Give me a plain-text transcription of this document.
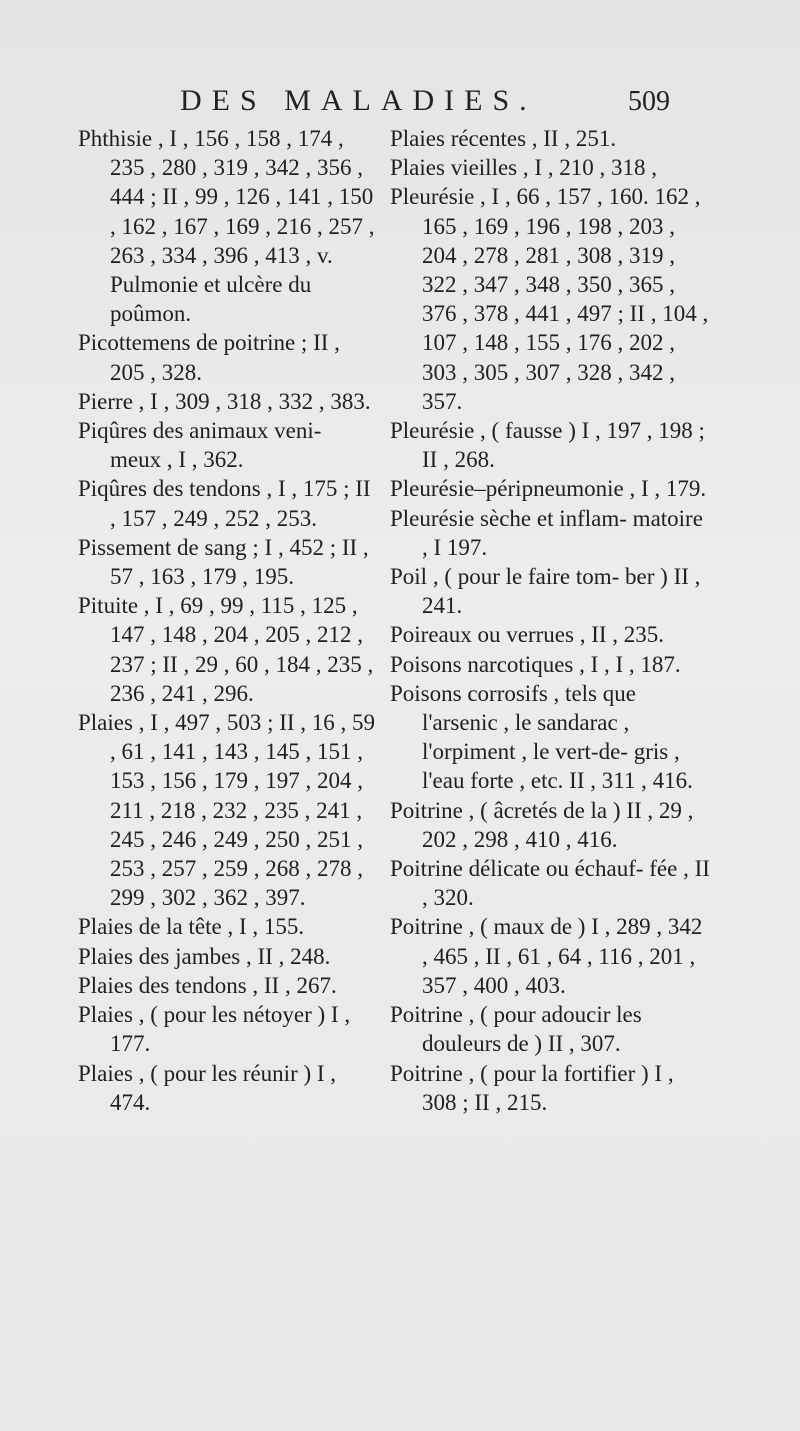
DES MALADIES.	509

Phthisie , I , 156 , 158 , 174 , 235 , 280 , 319 , 342 , 356 , 444 ; II , 99 , 126 , 141 , 150 , 162 , 167 , 169 , 216 , 257 , 263 , 334 , 396 , 413 , v. Pulmonie et ulcère du poûmon.

Picottemens de poitrine ; II , 205 , 328.

Pierre , I , 309 , 318 , 332 , 383.

Piqûres des animaux veni- meux , I , 362.

Piqûres des tendons , I , 175 ; II , 157 , 249 , 252 , 253.

Pissement de sang ; I , 452 ; II , 57 , 163 , 179 , 195.

Pituite , I , 69 , 99 , 115 , 125 , 147 , 148 , 204 , 205 , 212 , 237 ; II , 29 , 60 , 184 , 235 , 236 , 241 , 296.

Plaies , I , 497 , 503 ; II , 16 , 59 , 61 , 141 , 143 , 145 , 151 , 153 , 156 , 179 , 197 , 204 , 211 , 218 , 232 , 235 , 241 , 245 , 246 , 249 , 250 , 251 , 253 , 257 , 259 , 268 , 278 , 299 , 302 , 362 , 397.

Plaies de la tête , I , 155.

Plaies des jambes , II , 248.

Plaies des tendons , II , 267.

Plaies , ( pour les nétoyer ) I , 177.

Plaies , ( pour les réunir ) I , 474.

Plaies récentes , II , 251.

Plaies vieilles , I , 210 , 318 ,

Pleurésie , I , 66 , 157 , 160. 162 , 165 , 169 , 196 , 198 , 203 , 204 , 278 , 281 , 308 , 319 , 322 , 347 , 348 , 350 , 365 , 376 , 378 , 441 , 497 ; II , 104 , 107 , 148 , 155 , 176 , 202 , 303 , 305 , 307 , 328 , 342 , 357.

Pleurésie , ( fausse ) I , 197 , 198 ; II , 268.

Pleurésie–péripneumonie , I , 179.

Pleurésie sèche et inflam- matoire , I 197.

Poil , ( pour le faire tom- ber ) II , 241.

Poireaux ou verrues , II , 235.

Poisons narcotiques , I , I , 187.

Poisons corrosifs , tels que l'arsenic , le sandarac , l'orpiment , le vert-de- gris , l'eau forte , etc. II , 311 , 416.

Poitrine , ( âcretés de la ) II , 29 , 202 , 298 , 410 , 416.

Poitrine délicate ou échauf- fée , II , 320.

Poitrine , ( maux de ) I , 289 , 342 , 465 , II , 61 , 64 , 116 , 201 , 357 , 400 , 403.

Poitrine , ( pour adoucir les douleurs de ) II , 307.

Poitrine , ( pour la fortifier ) I , 308 ; II , 215.
